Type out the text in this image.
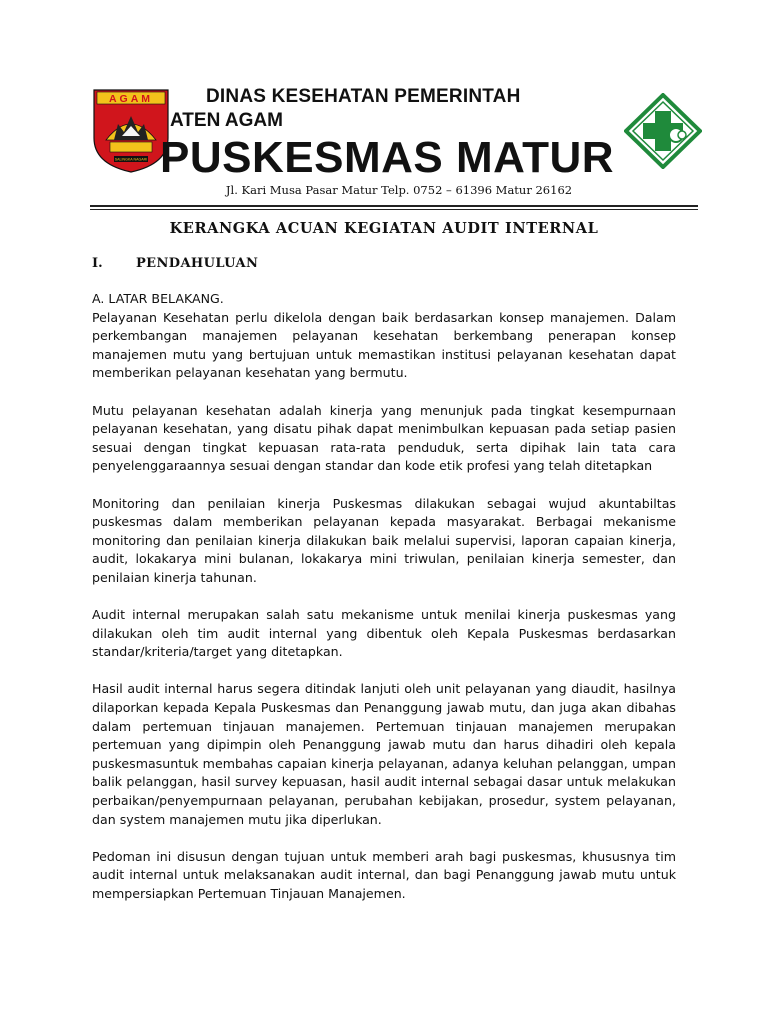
AGAM
SALINGKA NAGARI
DINAS KESEHATAN PEMERINTAH
ATEN AGAM
PUSKESMAS MATUR
Jl. Kari Musa Pasar Matur Telp. 0752 – 61396 Matur 26162
KERANGKA ACUAN KEGIATAN AUDIT INTERNAL
I.	PENDAHULUAN

A. LATAR BELAKANG.

Pelayanan Kesehatan perlu dikelola dengan baik berdasarkan konsep manajemen. Dalam perkembangan manajemen pelayanan kesehatan berkembang penerapan konsep manajemen mutu yang bertujuan untuk memastikan institusi pelayanan kesehatan dapat memberikan pelayanan kesehatan yang bermutu.

Mutu pelayanan kesehatan adalah kinerja yang menunjuk pada tingkat kesempurnaan pelayanan kesehatan, yang disatu pihak dapat menimbulkan kepuasan pada setiap pasien sesuai dengan tingkat kepuasan rata-rata penduduk, serta dipihak lain tata cara penyelenggaraannya sesuai dengan standar dan kode etik profesi yang telah ditetapkan

Monitoring dan penilaian kinerja Puskesmas dilakukan sebagai wujud akuntabiltas puskesmas dalam memberikan pelayanan kepada masyarakat. Berbagai mekanisme monitoring dan penilaian kinerja dilakukan baik melalui supervisi, laporan capaian kinerja, audit, lokakarya mini bulanan, lokakarya mini triwulan, penilaian kinerja semester, dan penilaian kinerja tahunan.

Audit internal merupakan salah satu mekanisme untuk menilai kinerja puskesmas yang dilakukan oleh tim audit internal yang dibentuk oleh Kepala Puskesmas berdasarkan standar/kriteria/target yang ditetapkan.

Hasil audit internal harus segera ditindak lanjuti oleh unit pelayanan yang diaudit, hasilnya dilaporkan kepada Kepala Puskesmas dan Penanggung jawab mutu, dan juga akan dibahas dalam pertemuan tinjauan manajemen. Pertemuan tinjauan manajemen merupakan pertemuan yang dipimpin oleh Penanggung jawab mutu dan harus dihadiri oleh kepala puskesmasuntuk membahas capaian kinerja pelayanan, adanya keluhan pelanggan, umpan balik pelanggan, hasil survey kepuasan, hasil audit internal sebagai dasar untuk melakukan perbaikan/penyempurnaan pelayanan, perubahan kebijakan, prosedur, system pelayanan, dan system manajemen mutu jika diperlukan.

Pedoman ini disusun dengan tujuan untuk memberi arah bagi puskesmas, khususnya tim audit internal untuk melaksanakan audit internal, dan bagi Penanggung jawab mutu untuk mempersiapkan Pertemuan Tinjauan Manajemen.
